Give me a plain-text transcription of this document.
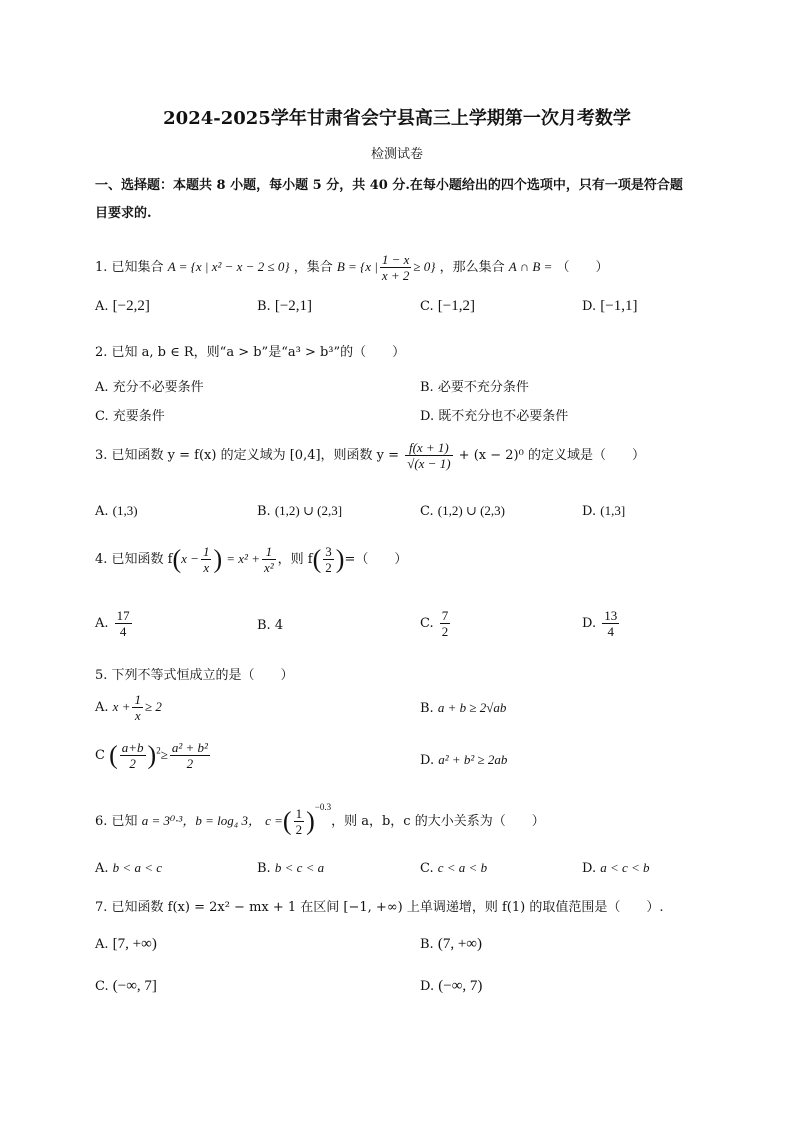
2024-2025学年甘肃省会宁县高三上学期第一次月考数学
检测试卷
一、选择题：本题共 8 小题，每小题 5 分，共 40 分.在每小题给出的四个选项中，只有一项是符合题
目要求的.
1. 已知集合 A = {x | x² − x − 2 ≤ 0} ，集合 B = {x | $\frac{1 - x}{x + 2} \ge 0$} ，那么集合 A ∩ B = （　　）
A. [−2,2]	B. [−2,1]	C. [−1,2]	D. [−1,1]
2. 已知 a, b ∈ R，则“a > b”是“a³ > b³”的（　　）
A. 充分不必要条件	B. 必要不充分条件
C. 充要条件	D. 既不充分也不必要条件
3. 已知函数 y = f(x) 的定义域为 [0,4]，则函数 $y = \frac{f(x + 1)}{√(x - 1)} + (x - 2)^0$ 的定义域是（　　）
A. (1,3)	B. (1,2) ∪ (2,3]	C. (1,2) ∪ (2,3)	D. (1,3]
4. 已知函数 $f(x - \frac{1}{x}$ ) = $x^2 + \frac{1}{\text{x²}}$ ，则 $f( \frac{3}{2}$ )=（　　）
A. $\frac{17}{4}$	B. 4	C. $\frac{7}{2}$	D. $\frac{13}{4}$
5. 下列不等式恒成立的是（　　）
A. $x + \frac{1}{x} \ge 2$	B. a + b ≥ 2√ab
C ( $\frac{a+b}{2} )^2\ge \frac{\text{a² + b²}}{2}$	D. a² + b² ≥ 2ab
6. 已知 a = 3⁰·³，b = log₄ 3， c =( $\frac{1}{2} )^{-0.3}$，则 a，b，c 的大小关系为（　　）
A. b < a < c	B. b < c < a	C. c < a < b	D. a < c < b
7. 已知函数 f(x) = 2x² − mx + 1 在区间 [−1, +∞) 上单调递增，则 f(1) 的取值范围是（　　）.
A. [7, +∞)	B. (7, +∞)
C. (−∞, 7]	D. (−∞, 7)
